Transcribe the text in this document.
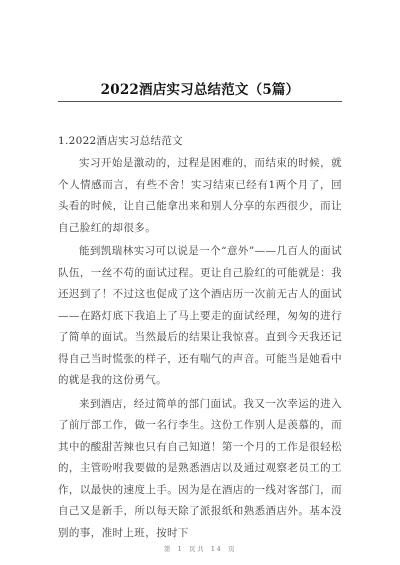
2022酒店实习总结范文（5篇）
1.2022酒店实习总结范文

实习开始是激动的，过程是困难的，而结束的时候，就个人情感而言，有些不舍！实习结束已经有1两个月了，回头看的时候，让自己能拿出来和别人分享的东西很少，而让自己脸红的却很多。

能到凯瑞林实习可以说是一个“意外”——几百人的面试队伍，一丝不苟的面试过程。更让自己脸红的可能就是：我还迟到了！不过这也促成了这个酒店历一次前无古人的面试——在路灯底下我追上了马上要走的面试经理，匆匆的进行了简单的面试。当然最后的结果让我惊喜。直到今天我还记得自己当时慌张的样子，还有喘气的声音。可能当是她看中的就是我的这份勇气。

来到酒店，经过简单的部门面试。我又一次幸运的进入了前厅部工作，做一名行李生。这份工作别人是羡慕的，而其中的酸甜苦辣也只有自己知道！第一个月的工作是很轻松的，主管吩咐我要做的是熟悉酒店以及通过观察老员工的工作，以最快的速度上手。因为是在酒店的一线对客部门，而自己又是新手，所以每天除了派报纸和熟悉酒店外。基本没别的事，准时上班，按时下

第 1 页共 14 页
